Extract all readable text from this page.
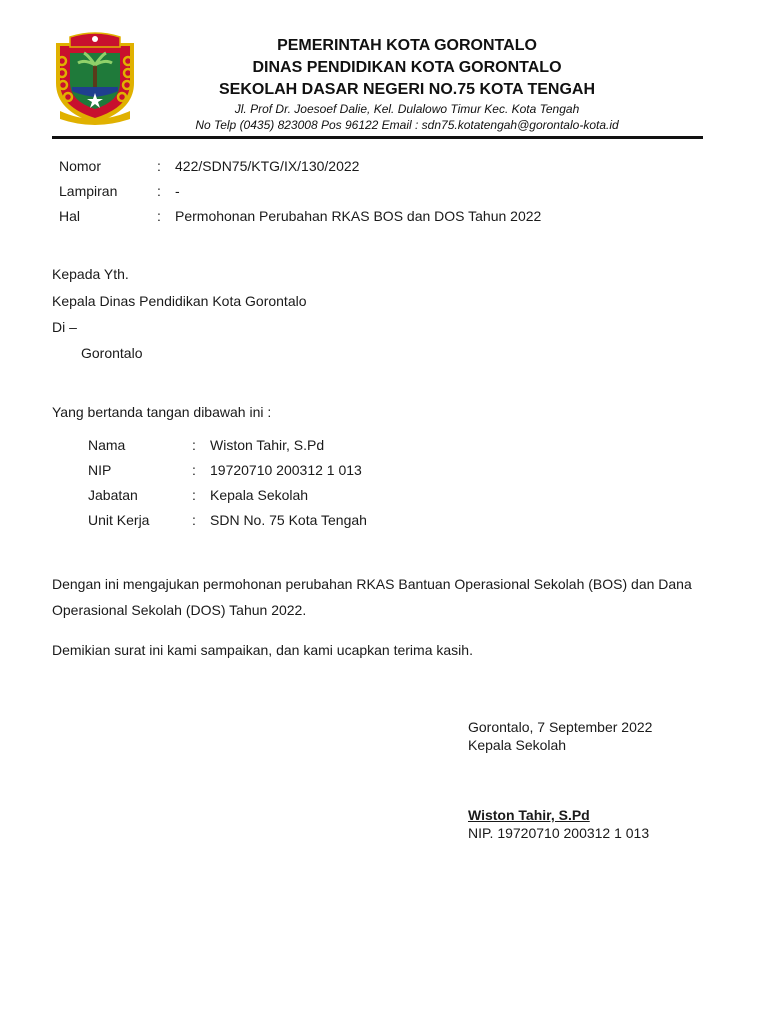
PEMERINTAH KOTA GORONTALO
DINAS PENDIDIKAN KOTA GORONTALO
SEKOLAH DASAR NEGERI NO.75 KOTA TENGAH
Jl. Prof Dr. Joesoef Dalie, Kel. Dulalowo Timur Kec. Kota Tengah
No Telp (0435) 823008 Pos 96122 Email : sdn75.kotatengah@gorontalo-kota.id
Nomor	: 422/SDN75/KTG/IX/130/2022
Lampiran	: -
Hal	: Permohonan Perubahan RKAS BOS dan DOS Tahun 2022
Kepada Yth.
Kepala Dinas Pendidikan Kota Gorontalo
Di –
Gorontalo
Yang bertanda tangan dibawah ini :
Nama	: Wiston Tahir, S.Pd
NIP	: 19720710 200312 1 013
Jabatan	: Kepala Sekolah
Unit Kerja	: SDN No. 75 Kota Tengah
Dengan ini mengajukan permohonan perubahan RKAS Bantuan Operasional Sekolah (BOS) dan Dana
Operasional Sekolah (DOS) Tahun 2022.
Demikian surat ini kami sampaikan, dan kami ucapkan terima kasih.
Gorontalo, 7 September 2022
Kepala Sekolah
Wiston Tahir, S.Pd
NIP. 19720710 200312 1 013
